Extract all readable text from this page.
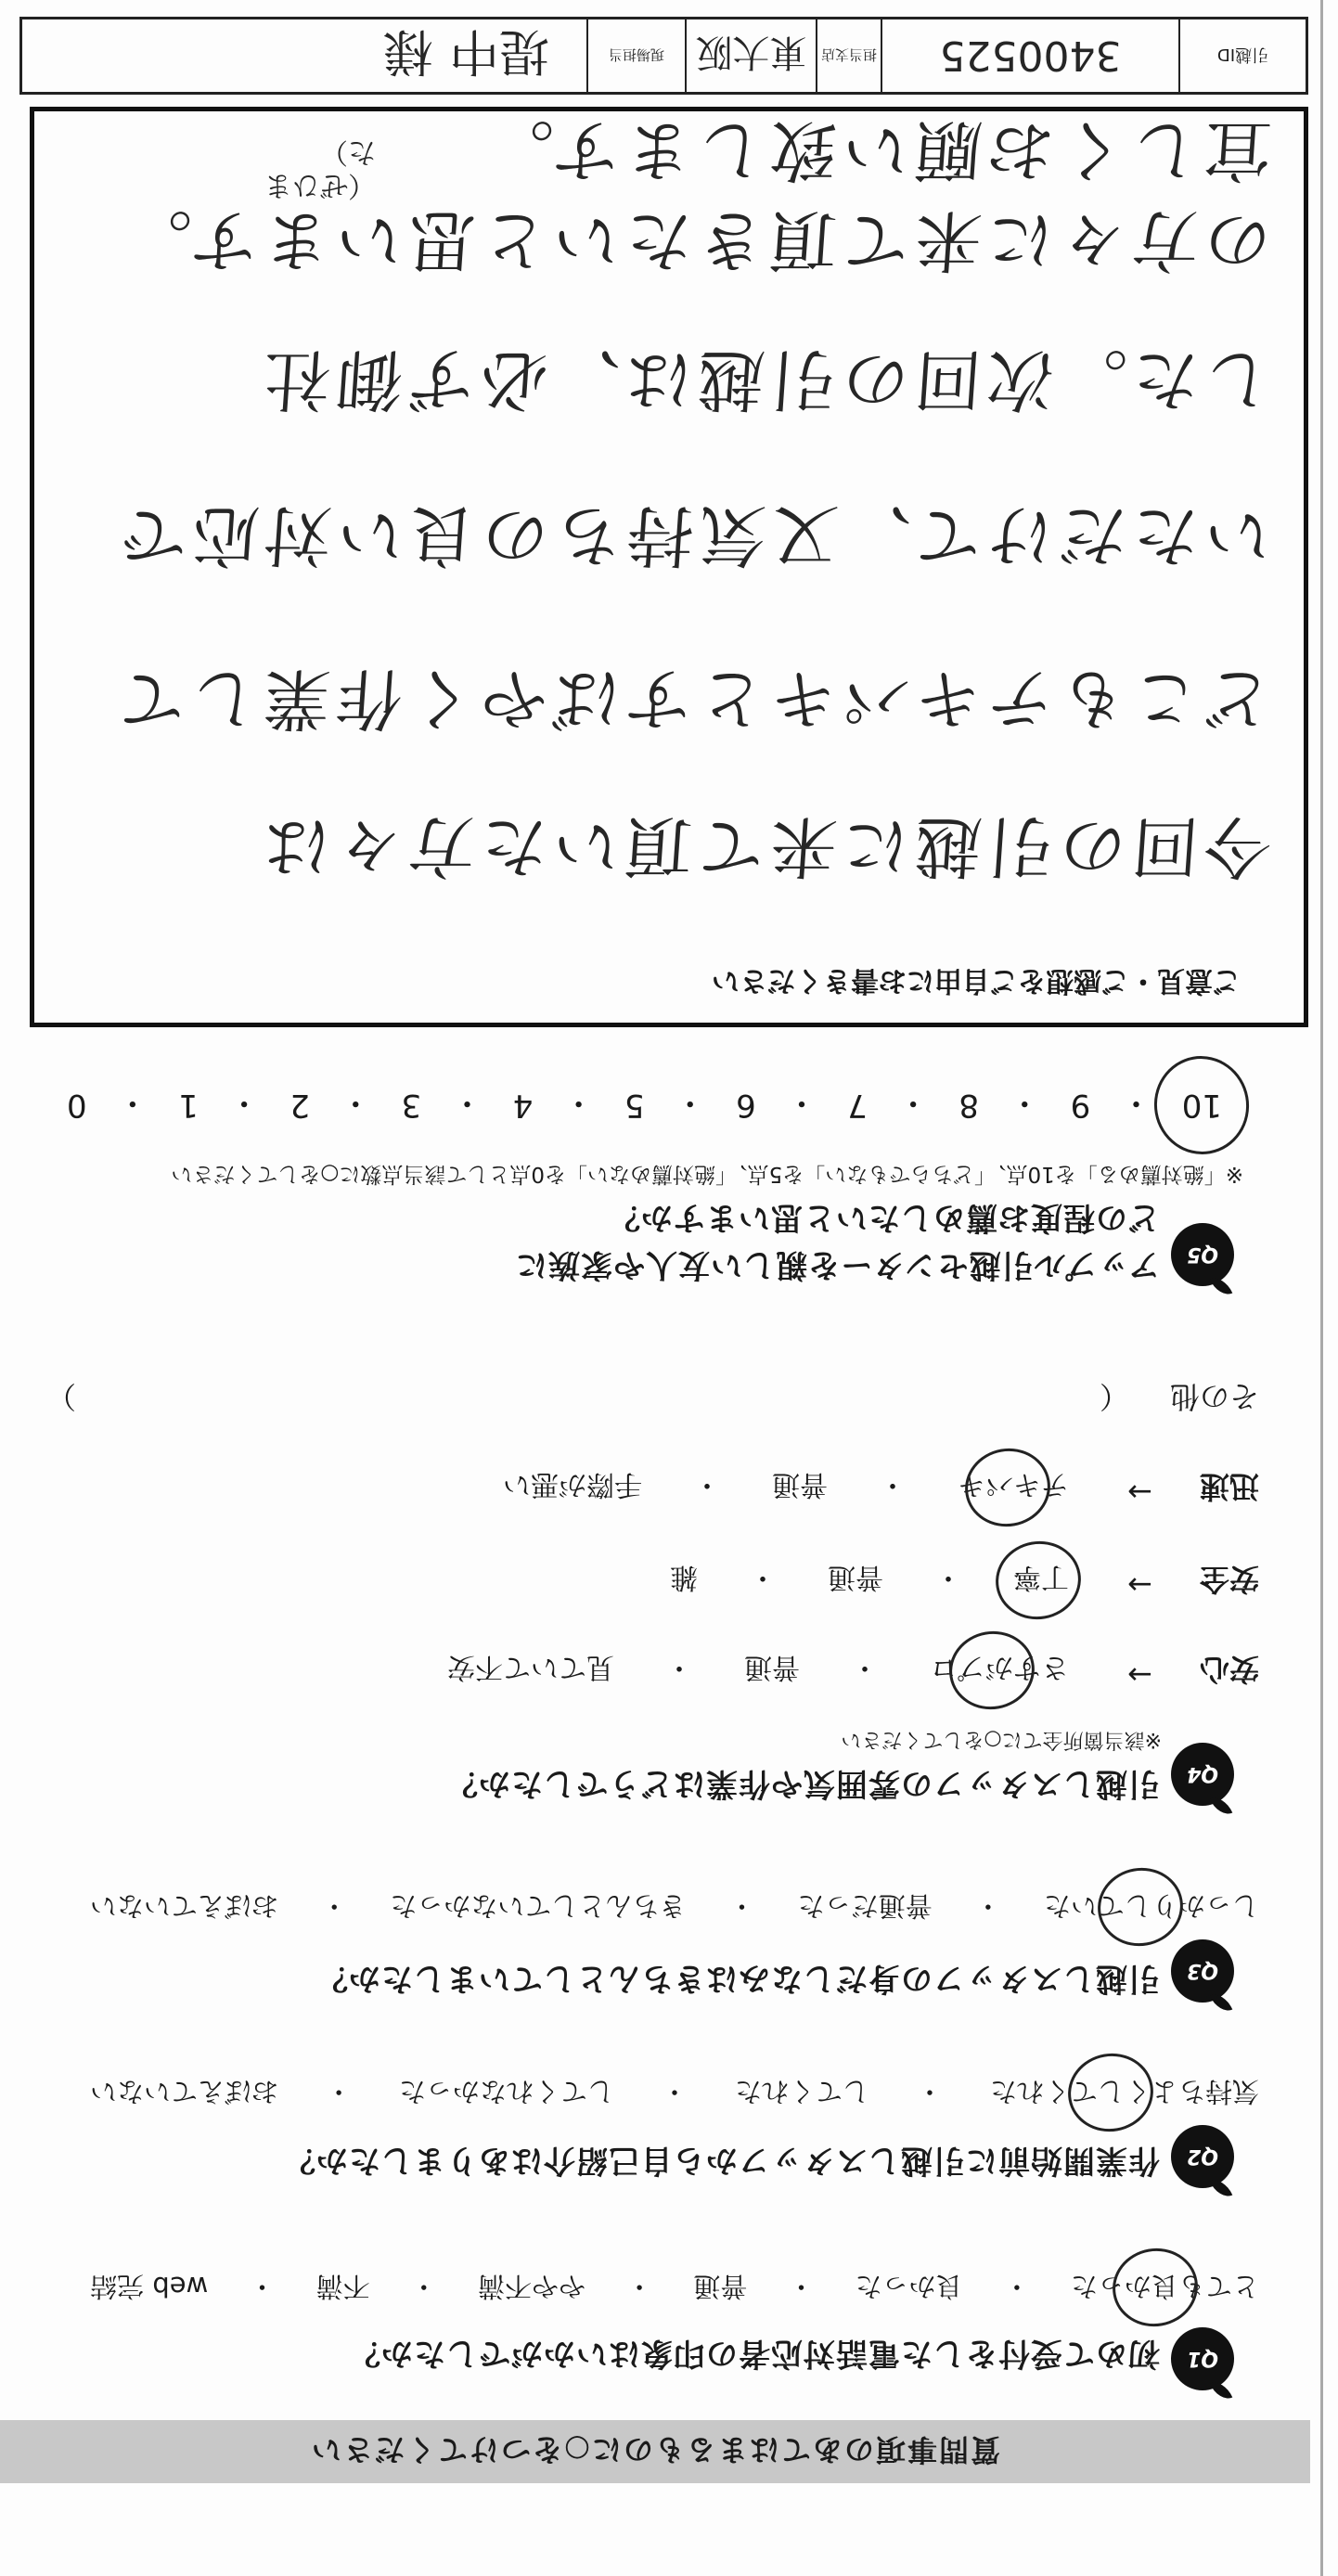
質問事項のあてはまるものに○をつけてください
Q1
初めて受付をした電話対応者の印象はいかがでしたか？
とても良かった
・
良かった
・
普通
・
やや不満
・
不満
・
web 完結
Q2
作業開始前に引越しスタッフから自己紹介はありましたか？
気持ちよくしてくれた
・
してくれた
・
してくれなかった
・
おぼえていない
Q3
引越しスタッフの身だしなみはきちんとしていましたか？
しっかりしていた
・
普通だった
・
きちんとしていなかった
・
おぼえていない
Q4
引越しスタッフの雰囲気や作業はどうでしたか？
※該当箇所全てに○をしてください
安心
→
さすがプロ
・
普通
・
見ていて不安
安全
→
丁寧
・
普通
・
雑
迅速
→
テキパキ
・
普通
・
手際が悪い
その他
（
）
Q5
アップル引越センターを親しい友人や家族に
どの程度お薦めしたいと思いますか？
※「絶対薦める」を10点、「どちらでもない」を5点、「絶対薦めない」を0点として該当点数に○をしてください
10
・
9
・
8
・
7
・
6
・
5
・
4
・
3
・
2
・
1
・
0
ご意見・ご感想をご自由にお書きください
今回の引越に来て頂いた方々は
どこもテキパキとすばやく作業して
いただけて、又気持ちの良い対応で
した。次回の引越は、必ず御社
の方々に来て頂きたいと思います。
宜しくお願い致します。
（ぜひまた）
引越ID
3400525
担当支店
東大阪
現場担当
堤中 様
